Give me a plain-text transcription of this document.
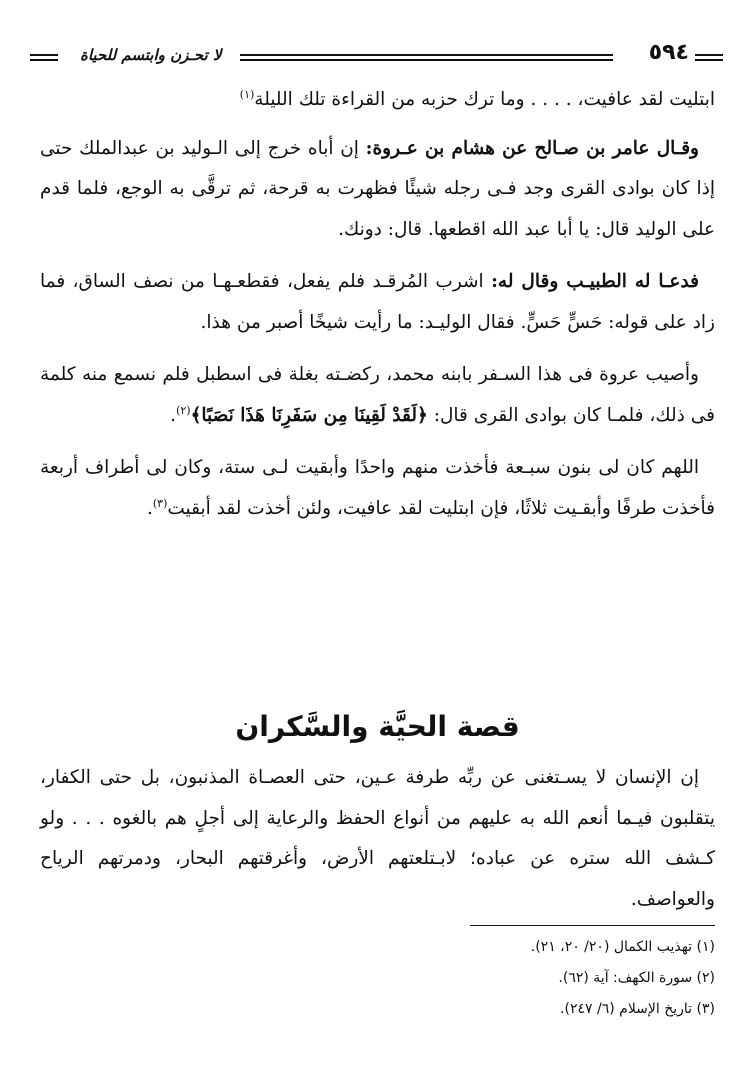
لا تحـزن وابتسم للحياة	٥٩٤

ابتليت لقد عافيت، . . . . وما ترك حزبه من القراءة تلك الليلة$^{(١)}$

وقـال عامر بن صـالح عن هشام بن عـروة: إن أباه خرج إلى الـوليد بن عبدالملك حتى إذا كان بوادى القرى وجد فـى رجله شيئًا فظهرت به قرحة، ثم ترقَّى به الوجع، فلما قدم على الوليد قال: يا أبا عبد الله اقطعها. قال: دونك.

فدعـا له الطبيـب وقال له: اشرب المُرقـد فلم يفعل، فقطعـهـا من نصف الساق، فما زاد على قوله: حَسٍّ حَسٍّ. فقال الوليـد: ما رأيت شيخًا أصبر من هذا.

وأصيب عروة فى هذا السـفر بابنه محمد، ركضـته بغلة فى اسطبل فلم نسمع منه كلمة فى ذلك، فلمـا كان بوادى القرى قال: ﴿لَقَدْ لَقِينَا مِن سَفَرِنَا هَذَا نَصَبًا﴾$^{(٢)}$.

اللهم كان لى بنون سبـعة فأخذت منهم واحدًا وأبقيت لـى ستة، وكان لى أطراف أربعة فأخذت طرفًا وأبقـيت ثلاثًا، فإن ابتليت لقد عافيت، ولئن أخذت لقد أبقيت$^{(٣)}$.

قصة الحيَّة والسَّكران

إن الإنسان لا يسـتغنى عن ربِّه طرفة عـين، حتى العصـاة المذنبون، بل حتى الكفار، يتقلبون فيـما أنعم الله به عليهم من أنواع الحفظ والرعاية إلى أجلٍ هم بالغوه . . . ولو كـشف الله ستره عن عباده؛ لابـتلعتهم الأرض، وأغرقتهم البحار، ودمرتهم الرياح والعواصف.

(١) تهذيب الكمال (٢٠/ ٢٠، ٢١).

(٢) سورة الكهف: آية (٦٢).

(٣) تاريخ الإسلام (٦/ ٢٤٧).
